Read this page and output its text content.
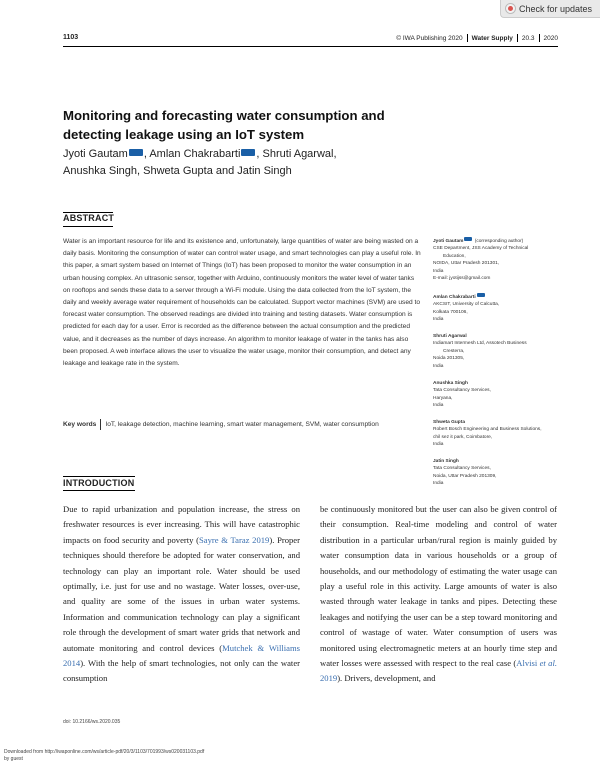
Check for updates
1103	© IWA Publishing 2020 Water Supply 20.3 2020
Monitoring and forecasting water consumption and detecting leakage using an IoT system
Jyoti Gautam , Amlan Chakrabarti , Shruti Agarwal,
Anushka Singh, Shweta Gupta and Jatin Singh
ABSTRACT
Water is an important resource for life and its existence and, unfortunately, large quantities of water are being wasted on a daily basis. Monitoring the consumption of water can control water usage, and smart technologies can play a useful role. In this paper, a smart system based on Internet of Things (IoT) has been proposed to monitor the water consumption in an urban housing complex. An ultrasonic sensor, together with Arduino, continuously monitors the water level of water tanks on rooftops and sends these data to a server through a Wi-Fi module. Using the data collected from the IoT system, the daily and weekly average water requirement of households can be calculated. Support vector machines (SVM) are used to forecast water consumption. The observed readings are divided into training and testing datasets. Water consumption is predicted for each day for a user. Error is recorded as the difference between the actual consumption and the predicted value, and it decreases as the number of days increase. An algorithm to monitor leakage of water in the tanks has also been proposed. A web interface allows the user to visualize the water usage, monitor their consumption, and detect any leakage and leakage rate in the system.
Key words	IoT, leakage detection, machine learning, smart water management, SVM, water consumption
Jyoti Gautam (corresponding author)
CSE Department, JSS Academy of Technical
Education,
NOIDA, Uttar Pradesh 201301,
India
E-mail: jyotijss@gmail.com
Amlan Chakrabarti
AKCSIT, University of Calcutta,
Kolkata 700106,
India
Shruti Agarwal
Indiamart Intermesh Ltd, Assotech Business
Cresterra,
Noida 201305,
India
Anushka Singh
Tata Consultancy Services,
Haryana,
India
Shweta Gupta
Robert Bosch Engineering and Business Solutions,
chil sez it park, Coimbatore,
India
Jatin Singh
Tata Consultancy Services,
Noida, Uttar Pradesh 201309,
India
INTRODUCTION
Due to rapid urbanization and population increase, the stress on freshwater resources is ever increasing. This will have catastrophic impacts on food security and poverty (Sayre & Taraz 2019). Proper techniques should therefore be adopted for water conservation, and technology can play an important role. Water should be used optimally, i.e. just for use and no wastage. Water losses, over-use, and quality are some of the issues in urban water systems. Information and communication technology can play a significant role through the development of smart water grids that network and automate monitoring and control devices (Mutchek & Williams 2014). With the help of smart technologies, not only can the water consumption
be continuously monitored but the user can also be given control of their consumption. Real-time modeling and control of water distribution in a particular urban/rural region is mainly guided by water consumption data in various households or a group of households, and our methodology of estimating the water usage can play a useful role in this activity. Large amounts of water is also wasted through water leakage in tanks and pipes. Detecting these leakages and notifying the user can be a step toward monitoring and control of wastage of water. Water consumption of users was monitored using electromagnetic meters at an hourly time step and water losses were assessed with respect to the real case (Alvisi et al. 2019). Drivers, development, and
doi: 10.2166/ws.2020.035
Downloaded from http://iwaponline.com/ws/article-pdf/20/3/1103/701993/ws020031103.pdf
by guest
